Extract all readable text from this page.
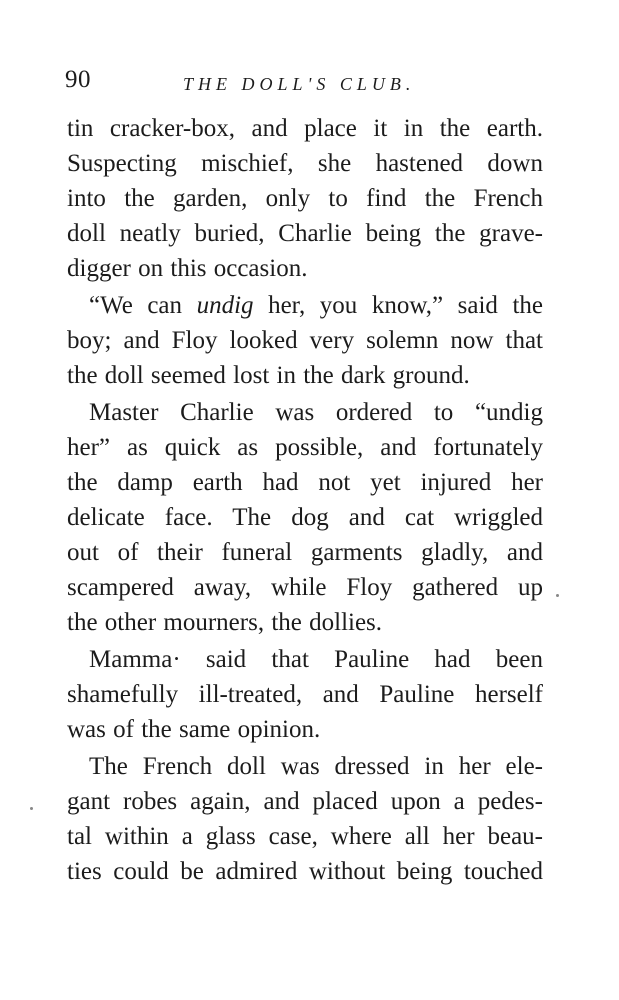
90	THE DOLL'S CLUB.
tin cracker-box, and place it in the earth.
Suspecting mischief, she hastened down
into the garden, only to find the French
doll neatly buried, Charlie being the grave-
digger on this occasion.
“We can undig her, you know,” said the
boy; and Floy looked very solemn now that
the doll seemed lost in the dark ground.
Master Charlie was ordered to “undig
her” as quick as possible, and fortunately
the damp earth had not yet injured her
delicate face. The dog and cat wriggled
out of their funeral garments gladly, and
scampered away, while Floy gathered up
the other mourners, the dollies.
Mamma· said that Pauline had been
shamefully ill-treated, and Pauline herself
was of the same opinion.
The French doll was dressed in her ele-
gant robes again, and placed upon a pedes-
tal within a glass case, where all her beau-
ties could be admired without being touched
